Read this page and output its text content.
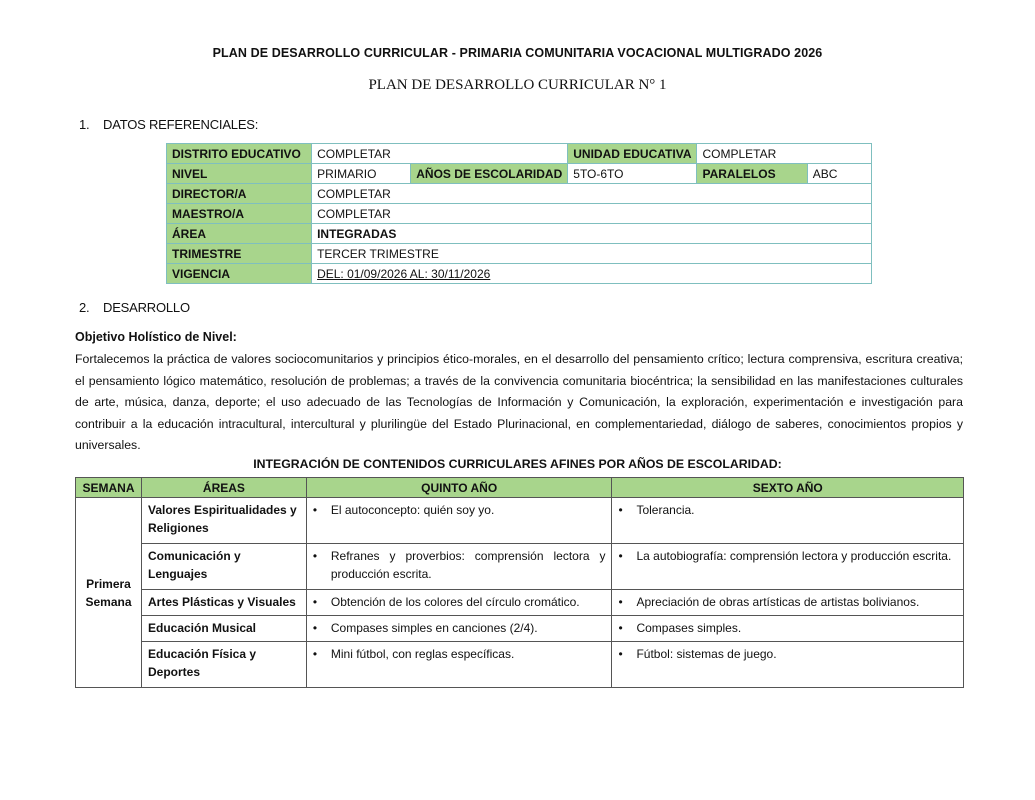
PLAN DE DESARROLLO CURRICULAR - PRIMARIA COMUNITARIA VOCACIONAL MULTIGRADO 2026
PLAN DE DESARROLLO CURRICULAR N° 1
1. DATOS REFERENCIALES:
DISTRITO EDUCATIVO	COMPLETAR		UNIDAD EDUCATIVA	COMPLETAR	
NIVEL	PRIMARIO	AÑOS DE ESCOLARIDAD	5TO-6TO	PARALELOS	ABC
DIRECTOR/A	COMPLETAR				
MAESTRO/A	COMPLETAR				
ÁREA	INTEGRADAS				
TRIMESTRE	TERCER TRIMESTRE				
VIGENCIA	DEL: 01/09/2026 AL: 30/11/2026				
2. DESARROLLO
Objetivo Holístico de Nivel:
Fortalecemos la práctica de valores sociocomunitarios y principios ético-morales, en el desarrollo del pensamiento crítico; lectura comprensiva, escritura creativa; el pensamiento lógico matemático, resolución de problemas; a través de la convivencia comunitaria biocéntrica; la sensibilidad en las manifestaciones culturales de arte, música, danza, deporte; el uso adecuado de las Tecnologías de Información y Comunicación, la exploración, experimentación e investigación para contribuir a la educación intracultural, intercultural y plurilingüe del Estado Plurinacional, en complementariedad, diálogo de saberes, conocimientos propios y universales.
INTEGRACIÓN DE CONTENIDOS CURRICULARES AFINES POR AÑOS DE ESCOLARIDAD:
SEMANA	ÁREAS	QUINTO AÑO	SEXTO AÑO
Primera Semana	Valores Espiritualidades y Religiones	• El autoconcepto: quién soy yo.	• Tolerancia.

	Comunicación y Lenguajes	• Refranes y proverbios: comprensión lectora y producción escrita.	• La autobiografía: comprensión lectora y producción escrita.

	Artes Plásticas y Visuales	• Obtención de los colores del círculo cromático.	• Apreciación de obras artísticas de artistas bolivianos.

	Educación Musical	• Compases simples en canciones (2/4).	• Compases simples.

	Educación Física y Deportes	• Mini fútbol, con reglas específicas.	• Fútbol: sistemas de juego.
